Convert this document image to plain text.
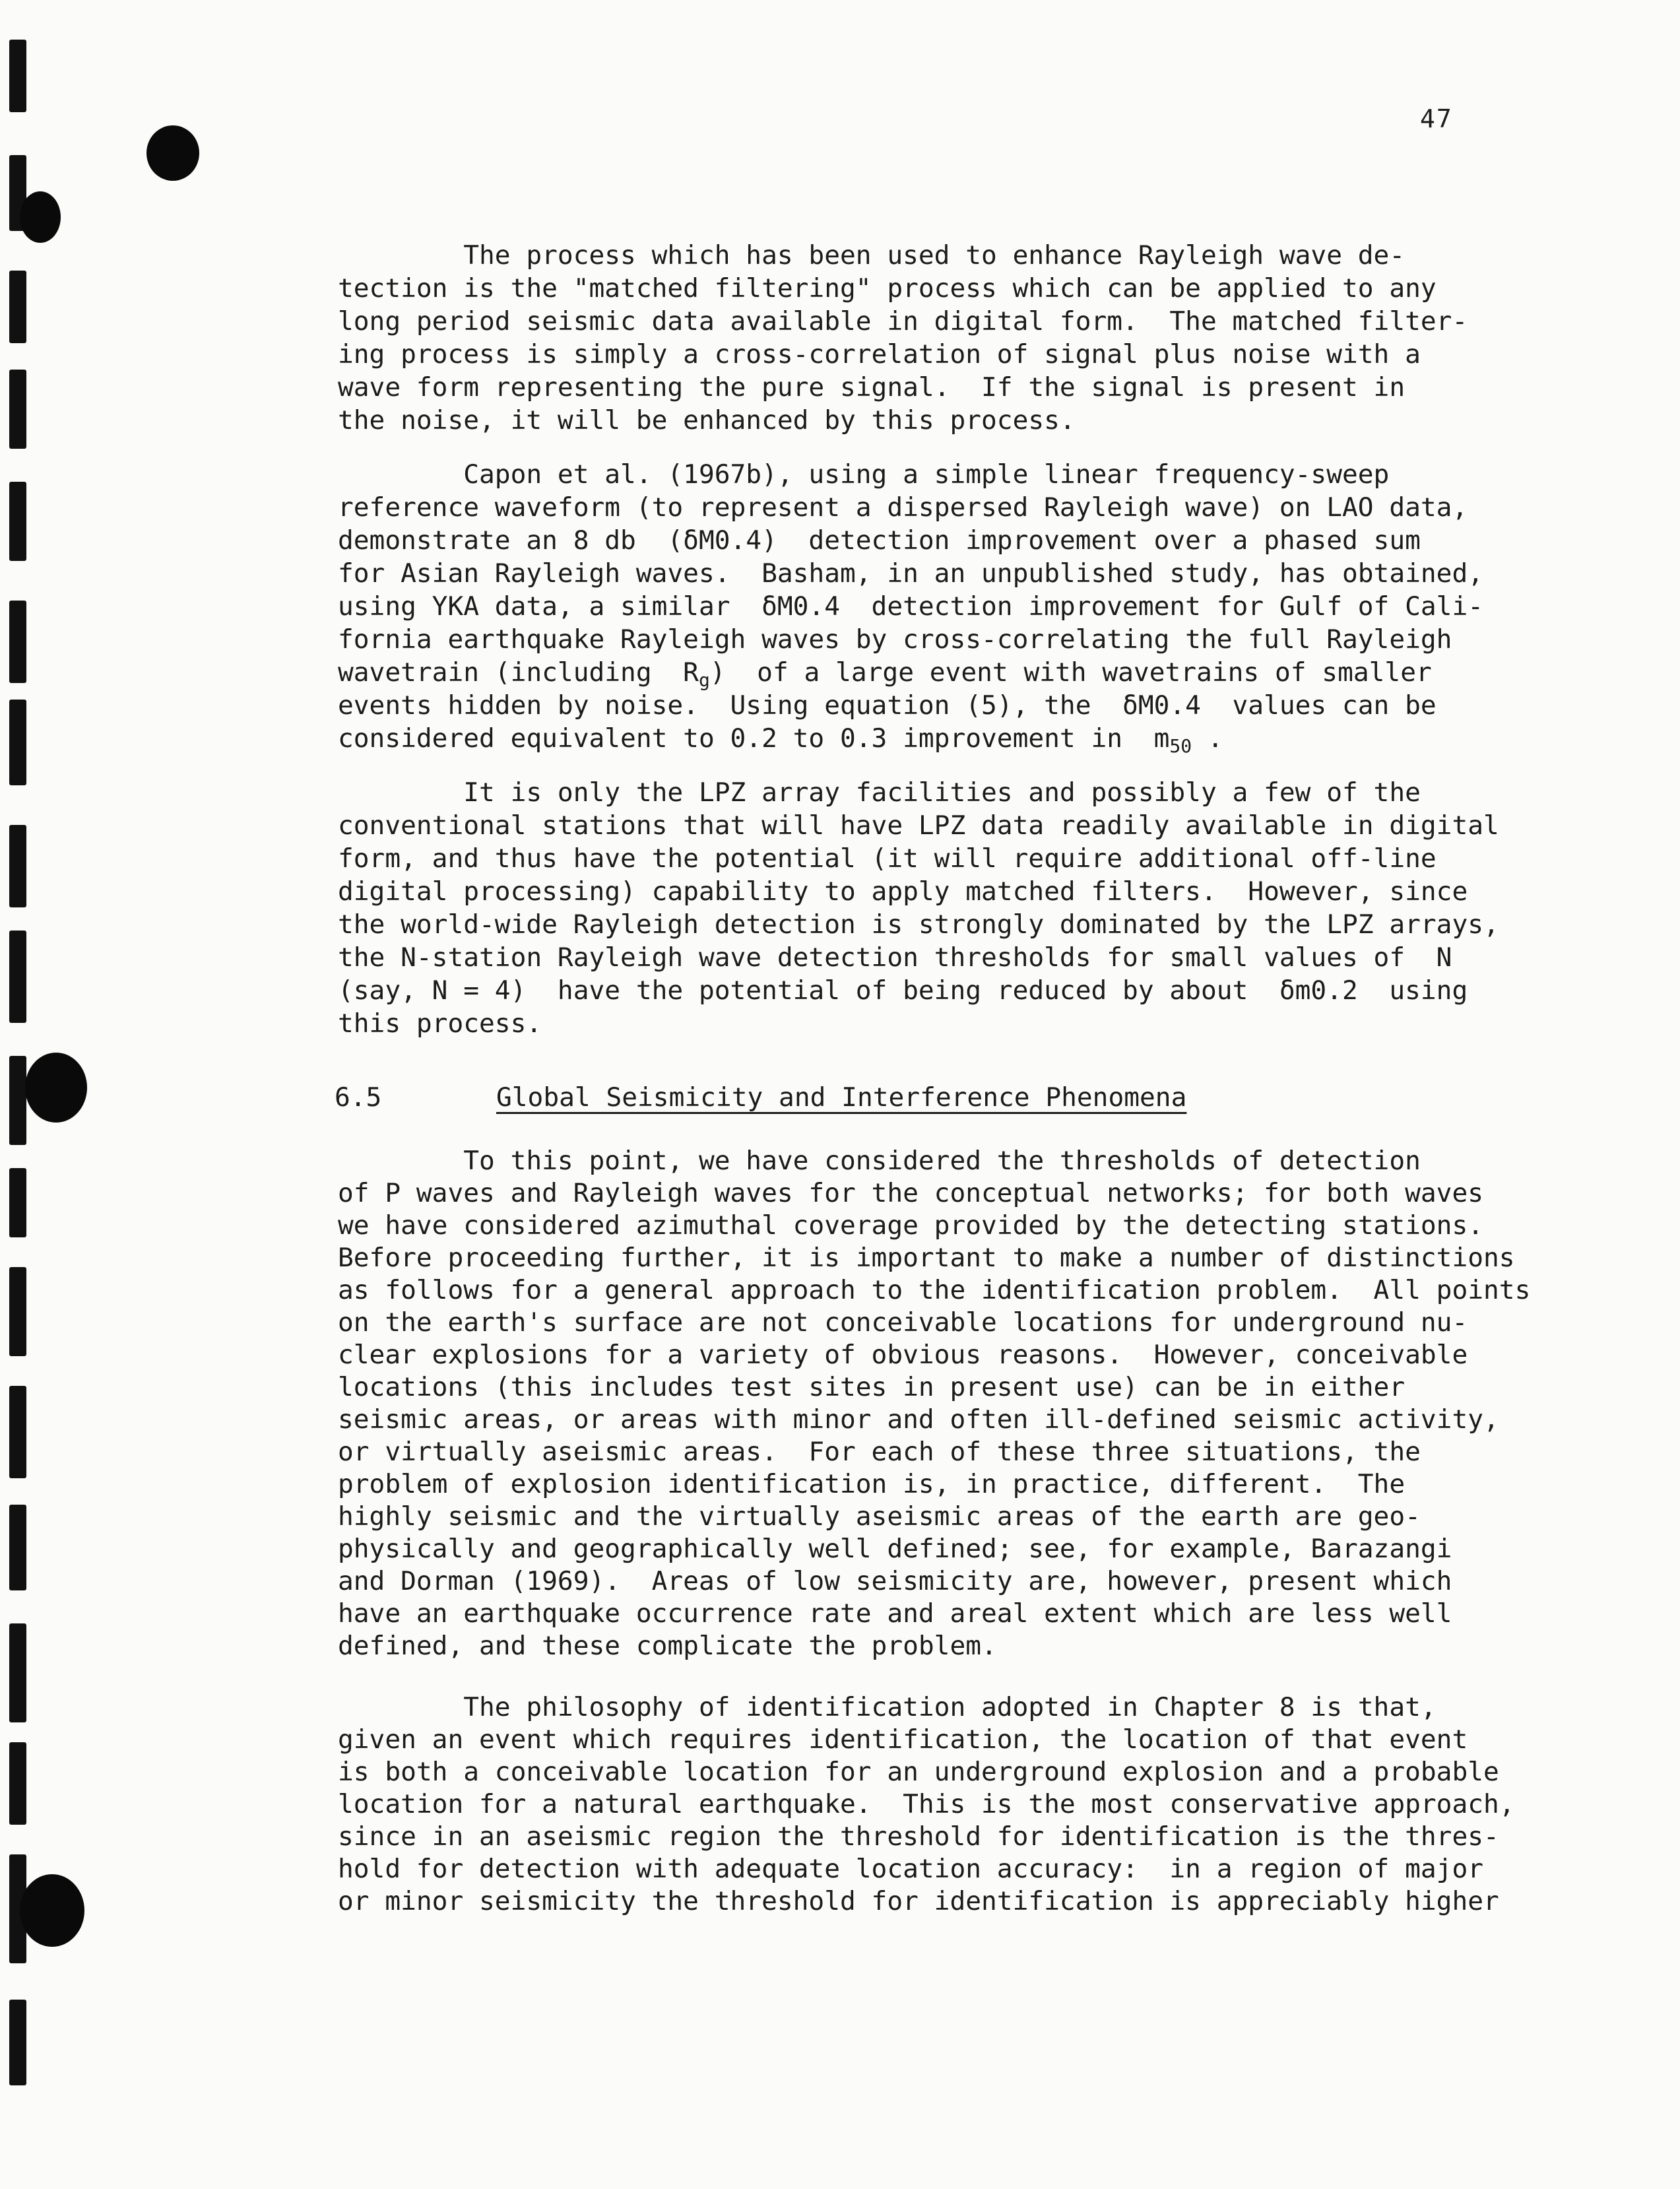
47

The process which has been used to enhance Rayleigh wave de-

tection is the "matched filtering" process which can be applied to any

long period seismic data available in digital form.  The matched filter-

ing process is simply a cross-correlation of signal plus noise with a

wave form representing the pure signal.  If the signal is present in

the noise, it will be enhanced by this process.

Capon et al. (1967b), using a simple linear frequency-sweep

reference waveform (to represent a dispersed Rayleigh wave) on LAO data,

demonstrate an 8 db  (δM0.4)  detection improvement over a phased sum

for Asian Rayleigh waves.  Basham, in an unpublished study, has obtained,

using YKA data, a similar  δM0.4  detection improvement for Gulf of Cali-

fornia earthquake Rayleigh waves by cross-correlating the full Rayleigh

wavetrain (including  $R_g$)  of a large event with wavetrains of smaller

events hidden by noise.  Using equation (5), the  δM0.4  values can be

considered equivalent to 0.2 to 0.3 improvement in  $m_{50}$ .

It is only the LPZ array facilities and possibly a few of the

conventional stations that will have LPZ data readily available in digital

form, and thus have the potential (it will require additional off-line

digital processing) capability to apply matched filters.  However, since

the world-wide Rayleigh detection is strongly dominated by the LPZ arrays,

the N-station Rayleigh wave detection thresholds for small values of  N

(say, N = 4)  have the potential of being reduced by about  δm0.2  using

this process.

6.5	Global Seismicity and Interference Phenomena

To this point, we have considered the thresholds of detection

of P waves and Rayleigh waves for the conceptual networks; for both waves

we have considered azimuthal coverage provided by the detecting stations.

Before proceeding further, it is important to make a number of distinctions

as follows for a general approach to the identification problem.  All points

on the earth's surface are not conceivable locations for underground nu-

clear explosions for a variety of obvious reasons.  However, conceivable

locations (this includes test sites in present use) can be in either

seismic areas, or areas with minor and often ill-defined seismic activity,

or virtually aseismic areas.  For each of these three situations, the

problem of explosion identification is, in practice, different.  The

highly seismic and the virtually aseismic areas of the earth are geo-

physically and geographically well defined; see, for example, Barazangi

and Dorman (1969).  Areas of low seismicity are, however, present which

have an earthquake occurrence rate and areal extent which are less well

defined, and these complicate the problem.

The philosophy of identification adopted in Chapter 8 is that,

given an event which requires identification, the location of that event

is both a conceivable location for an underground explosion and a probable

location for a natural earthquake.  This is the most conservative approach,

since in an aseismic region the threshold for identification is the thres-

hold for detection with adequate location accuracy:  in a region of major

or minor seismicity the threshold for identification is appreciably higher
